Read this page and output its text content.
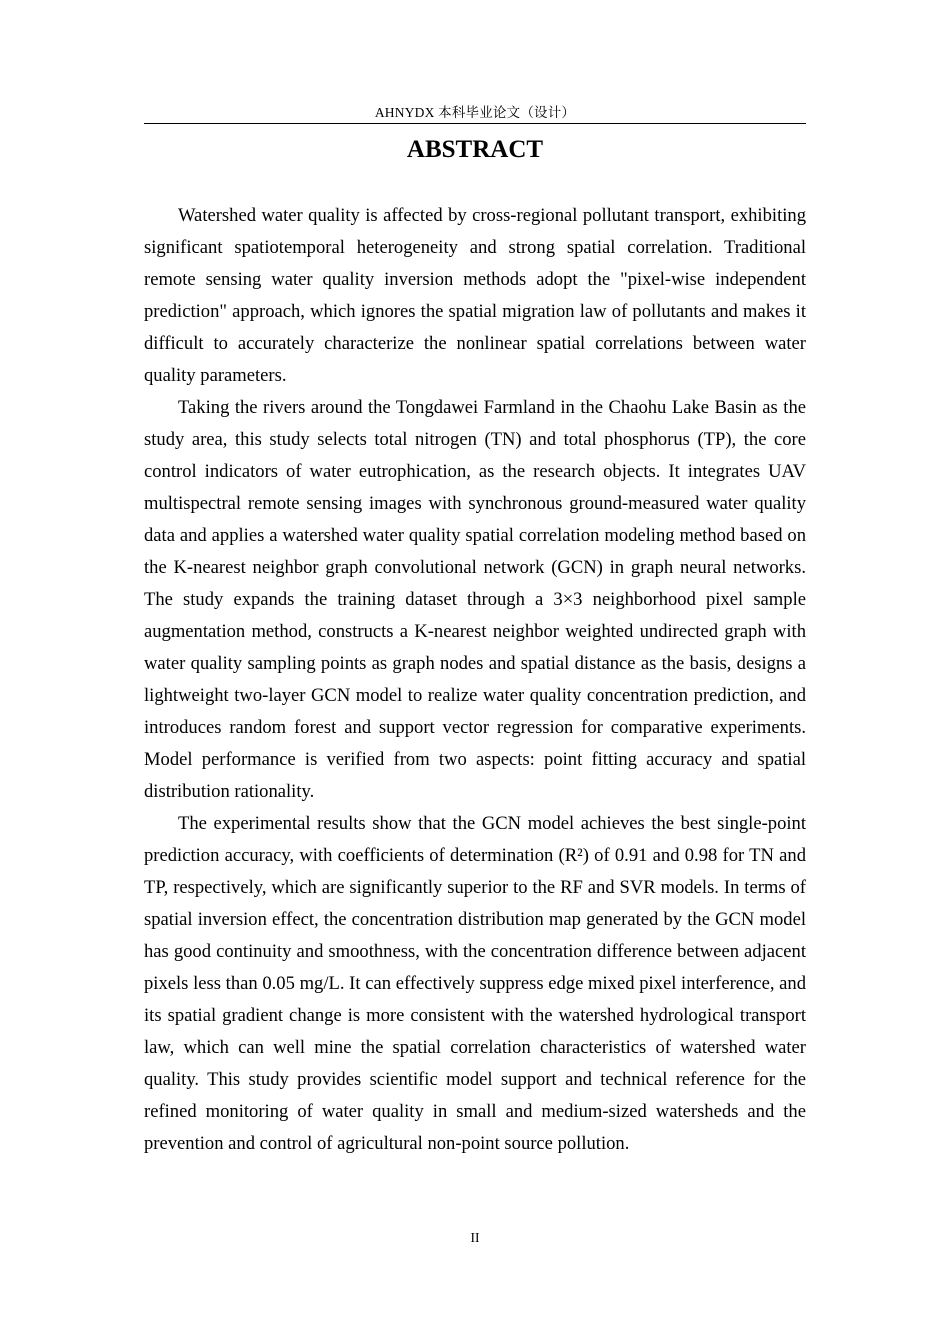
AHNYDX 本科毕业论文（设计）
ABSTRACT

Watershed water quality is affected by cross-regional pollutant transport, exhibiting significant spatiotemporal heterogeneity and strong spatial correlation. Traditional remote sensing water quality inversion methods adopt the "pixel-wise independent prediction" approach, which ignores the spatial migration law of pollutants and makes it difficult to accurately characterize the nonlinear spatial correlations between water quality parameters.

Taking the rivers around the Tongdawei Farmland in the Chaohu Lake Basin as the study area, this study selects total nitrogen (TN) and total phosphorus (TP), the core control indicators of water eutrophication, as the research objects. It integrates UAV multispectral remote sensing images with synchronous ground-measured water quality data and applies a watershed water quality spatial correlation modeling method based on the K-nearest neighbor graph convolutional network (GCN) in graph neural networks. The study expands the training dataset through a 3×3 neighborhood pixel sample augmentation method, constructs a K-nearest neighbor weighted undirected graph with water quality sampling points as graph nodes and spatial distance as the basis, designs a lightweight two-layer GCN model to realize water quality concentration prediction, and introduces random forest and support vector regression for comparative experiments. Model performance is verified from two aspects: point fitting accuracy and spatial distribution rationality.

The experimental results show that the GCN model achieves the best single-point prediction accuracy, with coefficients of determination (R²) of 0.91 and 0.98 for TN and TP, respectively, which are significantly superior to the RF and SVR models. In terms of spatial inversion effect, the concentration distribution map generated by the GCN model has good continuity and smoothness, with the concentration difference between adjacent pixels less than 0.05 mg/L. It can effectively suppress edge mixed pixel interference, and its spatial gradient change is more consistent with the watershed hydrological transport law, which can well mine the spatial correlation characteristics of watershed water quality. This study provides scientific model support and technical reference for the refined monitoring of water quality in small and medium-sized watersheds and the prevention and control of agricultural non-point source pollution.

II
